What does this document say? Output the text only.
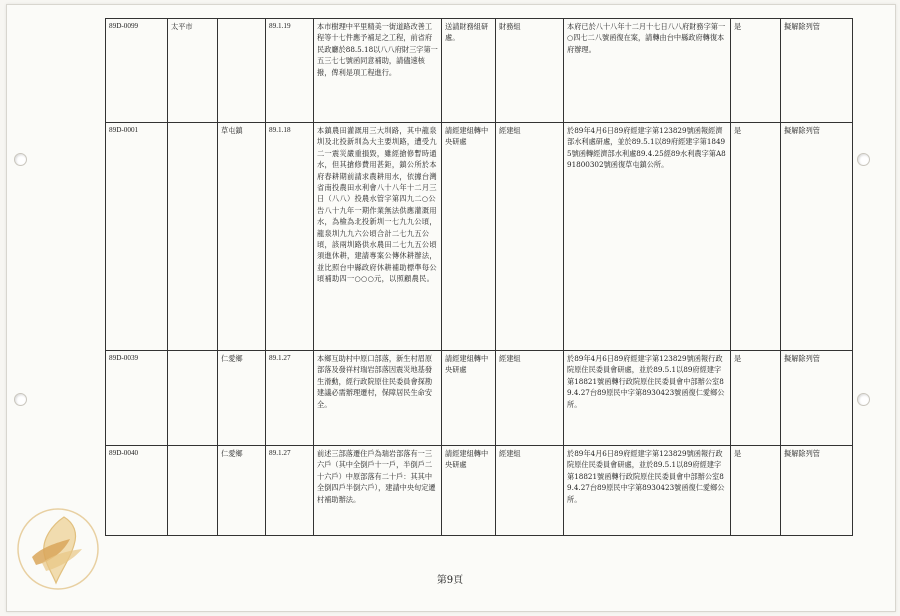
89D-0099	太平市		89.1.19	本市樹理中平里精美一街道路改善工程等十七件應予補足之工程，前省府民政廳於88.5.18以八八府財三字第一五三七七號函同意補助，請儘速核撥，俾利是項工程進行。	送請財務組研處。	財務組	本府已於八十八年十二月十七日八八府財務字第一○四七二八號函復在案，請轉由台中縣政府轉復本府辦理。	是	擬解除列管
89D-0001		草屯鎮	89.1.18	本鎮農田灌溉用三大圳路，其中龍泉圳及北投新圳為大主要圳路，遭受九二一震災嚴重損毀，雖經搶修暫時通水，但其搶修費用甚鉅，鎮公所於本府春耕期前請求農耕用水，依據台灣省南投農田水利會八十八年十二月三日（八八）投農水管字第四九二○公告八十九年一期作業無法供應灌溉用水，為檢為北投新圳一七九九公頃，龍泉圳九九六公頃合計二七九五公頃，該兩圳路供水農田二七九五公頃須進休耕，建請專案公傳休耕辦法，並比照台中縣政府休耕補助標準每公頃補助四一○○○元，以照顧農民。	請經建組轉中央研處	經建組	於89年4月6日89府經建字第123829號函報經濟部水利處研處，並於89.5.1以89府經建字第18495號函轉經濟部水利處89.4.25經89水利農字第A891800302號函復草屯鎮公所。	是	擬解除列管
89D-0039		仁愛鄉	89.1.27	本鄉互助村中原口部落，新生村眉原部落及發祥村瑞岩部落因震災地基發生滑動，經行政院原住民委員會探勘建議必需辦理遷村，保障居民生命安全。	請經建組轉中央研處	經建組	於89年4月6日89府經建字第123829號函報行政院原住民委員會研處，並於89.5.1以89府經建字第18821號函轉行政院原住民委員會中部辦公室89.4.27台89原民中字第8930423號函復仁愛鄉公所。	是	擬解除列管
89D-0040		仁愛鄉	89.1.27	前述三部落遷住戶為瑞岩部落有一三六戶（其中全倒戶十一戶，半倒戶二十六戶）中原部落有二十戶：其其中全倒四戶半倒六戶），建請中央旬定遷村補助辦法。	請經建組轉中央研處	經建組	於89年4月6日89府經建字第123829號函報行政院原住民委員會研處，並於89.5.1以89府經建字第18821號函轉行政院原住民委員會中部辦公室89.4.27台89原民中字第8930423號函復仁愛鄉公所。	是	擬解除列管
第9頁
